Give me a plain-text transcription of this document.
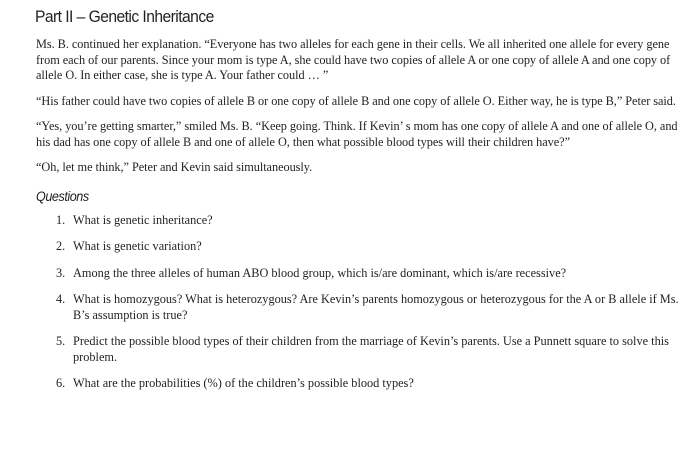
Part II – Genetic Inheritance

Ms. B. continued her explanation. “Everyone has two alleles for each gene in their cells. We all inherited one allele for every gene from each of our parents. Since your mom is type A, she could have two copies of allele A or one copy of allele A and one copy of allele O. In either case, she is type A. Your father could … ”

“His father could have two copies of allele B or one copy of allele B and one copy of allele O. Either way, he is type B,” Peter said.

“Yes, you’re getting smarter,” smiled Ms. B. “Keep going. Think. If Kevin’ s mom has one copy of allele A and one of allele O, and his dad has one copy of allele B and one of allele O, then what possible blood types will their children have?”

“Oh, let me think,” Peter and Kevin said simultaneously.

Questions
1. What is genetic inheritance?
2. What is genetic variation?
3. Among the three alleles of human ABO blood group, which is/are dominant, which is/are recessive?
4. What is homozygous? What is heterozygous? Are Kevin’s parents homozygous or heterozygous for the A or B allele if Ms. B’s assumption is true?
5. Predict the possible blood types of their children from the marriage of Kevin’s parents. Use a Punnett square to solve this problem.
6. What are the probabilities (%) of the children’s possible blood types?
